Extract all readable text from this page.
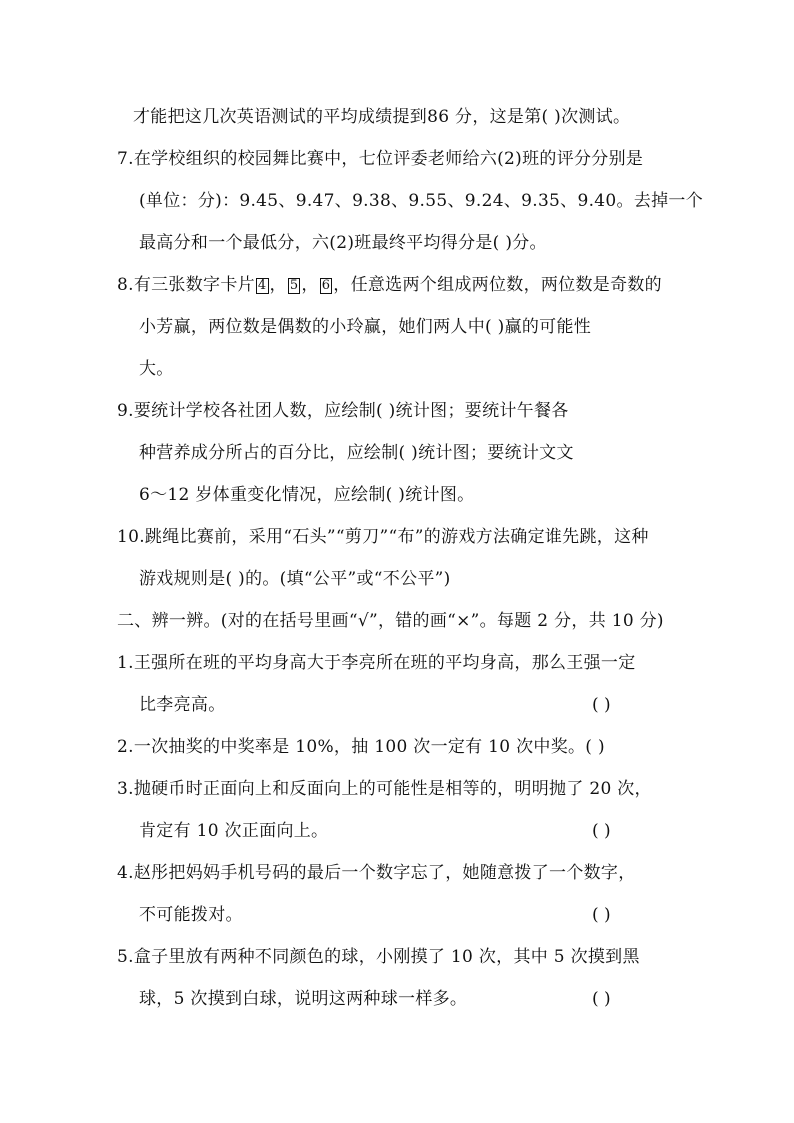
才能把这几次英语测试的平均成绩提到86 分，这是第( )次测试。
7.在学校组织的校园舞比赛中，七位评委老师给六(2)班的评分分别是
(单位：分)：9.45、9.47、9.38、9.55、9.24、9.35、9.40。去掉一个
最高分和一个最低分，六(2)班最终平均得分是( )分。
8.有三张数字卡片 4 ， 5 ， 6 ，任意选两个组成两位数，两位数是奇数的
小芳赢，两位数是偶数的小玲赢，她们两人中( )赢的可能性
大。
9.要统计学校各社团人数，应绘制( )统计图；要统计午餐各
种营养成分所占的百分比，应绘制( )统计图；要统计文文
6～12 岁体重变化情况，应绘制( )统计图。
10.跳绳比赛前，采用“石头”“剪刀”“布”的游戏方法确定谁先跳，这种
游戏规则是( )的。(填“公平”或“不公平”)
二、辨一辨。(对的在括号里画“√”，错的画“×”。每题 2 分，共 10 分)
1.王强所在班的平均身高大于李亮所在班的平均身高，那么王强一定
比李亮高。	( )
2.一次抽奖的中奖率是 10%，抽 100 次一定有 10 次中奖。( )
3.抛硬币时正面向上和反面向上的可能性是相等的，明明抛了 20 次，
肯定有 10 次正面向上。	( )
4.赵彤把妈妈手机号码的最后一个数字忘了，她随意拨了一个数字，
不可能拨对。	( )
5.盒子里放有两种不同颜色的球，小刚摸了 10 次，其中 5 次摸到黑
球，5 次摸到白球，说明这两种球一样多。	( )
